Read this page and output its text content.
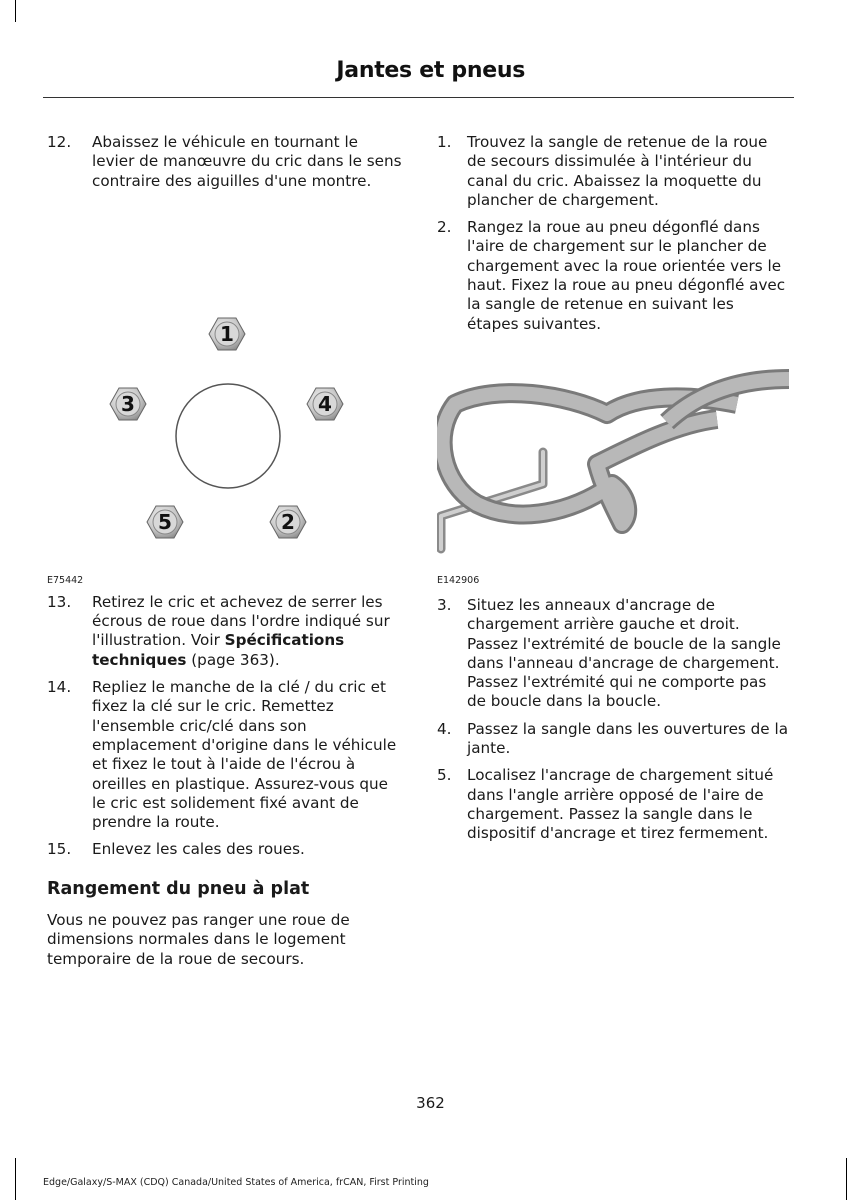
Jantes et pneus
12. Abaissez le véhicule en tournant le levier de manœuvre du cric dans le sens contraire des aiguilles d'une montre.
1
2
3	4
5
E75442
13. Retirez le cric et achevez de serrer les écrous de roue dans l'ordre indiqué sur l'illustration. Voir Spécifications techniques (page 363).
14. Repliez le manche de la clé / du cric et fixez la clé sur le cric. Remettez l'ensemble cric/clé dans son emplacement d'origine dans le véhicule et fixez le tout à l'aide de l'écrou à oreilles en plastique. Assurez-vous que le cric est solidement fixé avant de prendre la route.
15. Enlevez les cales des roues.
Rangement du pneu à plat

Vous ne pouvez pas ranger une roue de dimensions normales dans le logement temporaire de la roue de secours.

1. Trouvez la sangle de retenue de la roue de secours dissimulée à l'intérieur du canal du cric. Abaissez la moquette du plancher de chargement.
2. Rangez la roue au pneu dégonflé dans l'aire de chargement sur le plancher de chargement avec la roue orientée vers le haut. Fixez la roue au pneu dégonflé avec la sangle de retenue en suivant les étapes suivantes.
E142906
3. Situez les anneaux d'ancrage de chargement arrière gauche et droit. Passez l'extrémité de boucle de la sangle dans l'anneau d'ancrage de chargement. Passez l'extrémité qui ne comporte pas de boucle dans la boucle.
4. Passez la sangle dans les ouvertures de la jante.
5. Localisez l'ancrage de chargement situé dans l'angle arrière opposé de l'aire de chargement. Passez la sangle dans le dispositif d'ancrage et tirez fermement.
362
Edge/Galaxy/S-MAX (CDQ) Canada/United States of America, frCAN, First Printing
